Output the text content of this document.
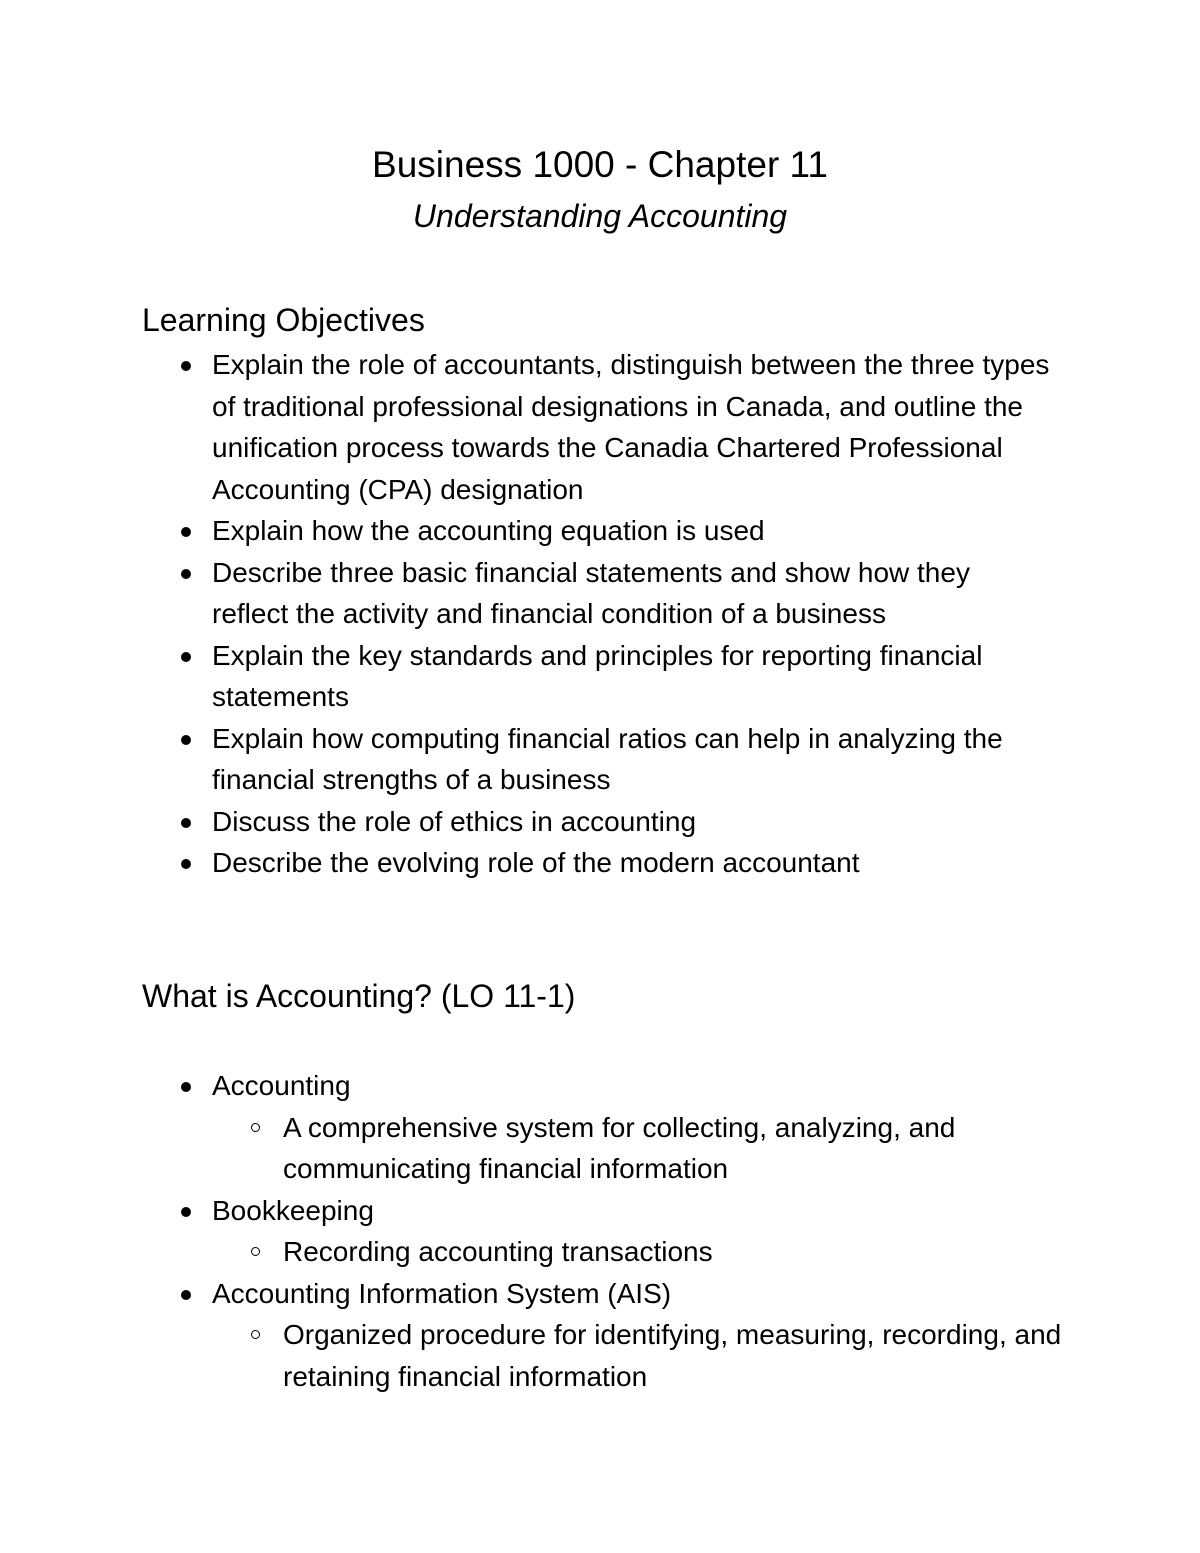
Business 1000 - Chapter 11
Understanding Accounting
Learning Objectives
Explain the role of accountants, distinguish between the three types of traditional professional designations in Canada, and outline the unification process towards the Canadia Chartered Professional Accounting (CPA) designation
Explain how the accounting equation is used
Describe three basic financial statements and show how they reflect the activity and financial condition of a business
Explain the key standards and principles for reporting financial statements
Explain how computing financial ratios can help in analyzing the financial strengths of a business
Discuss the role of ethics in accounting
Describe the evolving role of the modern accountant
What is Accounting? (LO 11-1)
Accounting
A comprehensive system for collecting, analyzing, and communicating financial information
Bookkeeping
Recording accounting transactions
Accounting Information System (AIS)
Organized procedure for identifying, measuring, recording, and retaining financial information
